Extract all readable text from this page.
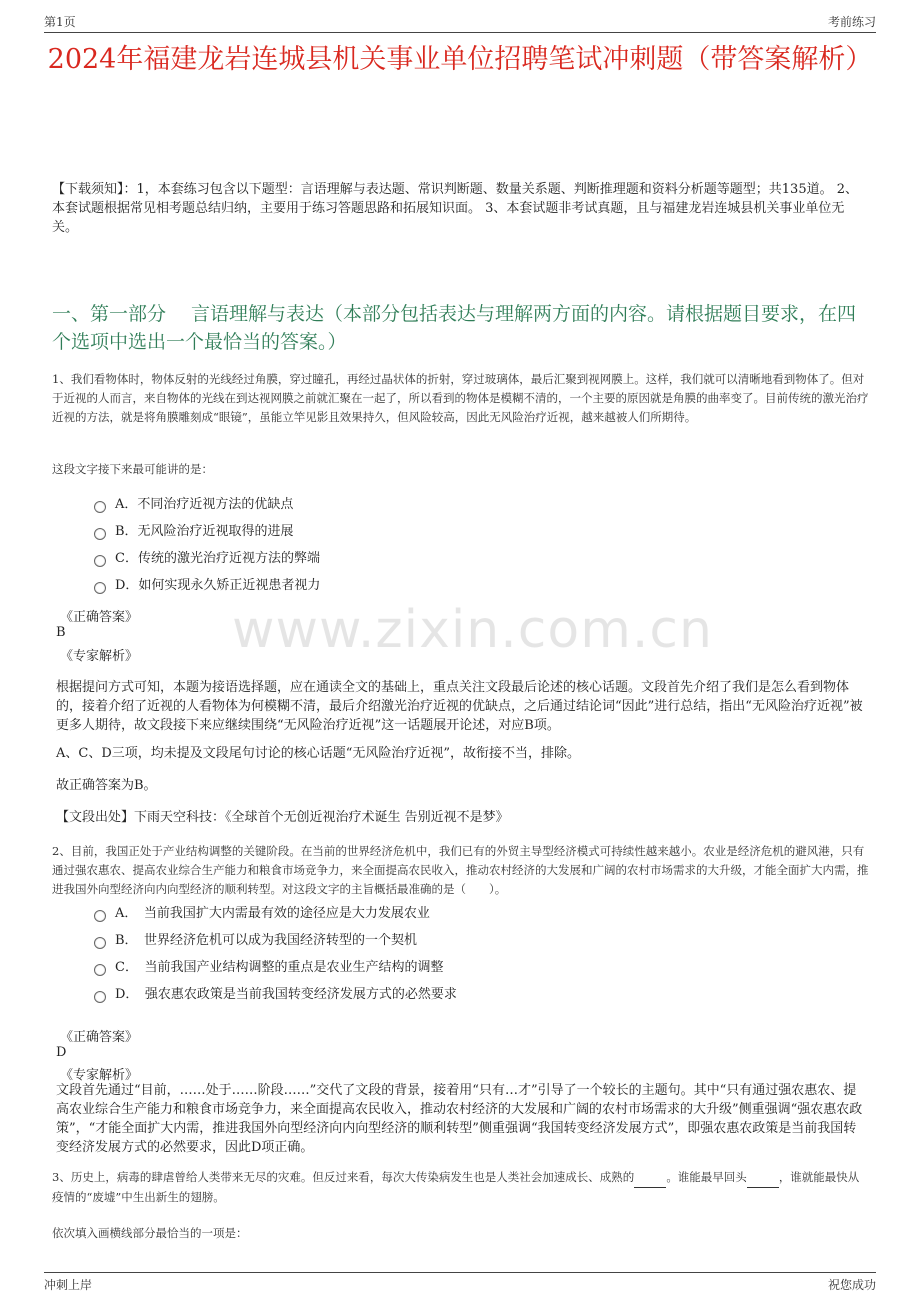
第1页	考前练习
2024年福建龙岩连城县机关事业单位招聘笔试冲刺题（带答案解析）
【下载须知】：1，本套练习包含以下题型：言语理解与表达题、常识判断题、数量关系题、判断推理题和资料分析题等题型；共135道。 2、本套试题根据常见相考题总结归纳，主要用于练习答题思路和拓展知识面。 3、本套试题非考试真题，且与福建龙岩连城县机关事业单位无关。
一、第一部分　 言语理解与表达（本部分包括表达与理解两方面的内容。请根据题目要求，在四个选项中选出一个最恰当的答案。）
1、我们看物体时，物体反射的光线经过角膜，穿过瞳孔，再经过晶状体的折射，穿过玻璃体，最后汇聚到视网膜上。这样，我们就可以清晰地看到物体了。但对于近视的人而言，来自物体的光线在到达视网膜之前就汇聚在一起了，所以看到的物体是模糊不清的，一个主要的原因就是角膜的曲率变了。目前传统的激光治疗近视的方法，就是将角膜雕刻成“眼镜”，虽能立竿见影且效果持久，但风险较高，因此无风险治疗近视，越来越被人们所期待。
这段文字接下来最可能讲的是：
A．不同治疗近视方法的优缺点
B．无风险治疗近视取得的进展
C．传统的激光治疗近视方法的弊端
D．如何实现永久矫正近视患者视力
《正确答案》
B
《专家解析》 www.zixin.com.cn
根据提问方式可知，本题为接语选择题，应在通读全文的基础上，重点关注文段最后论述的核心话题。文段首先介绍了我们是怎么看到物体的，接着介绍了近视的人看物体为何模糊不清，最后介绍激光治疗近视的优缺点，之后通过结论词“因此”进行总结，指出“无风险治疗近视”被更多人期待，故文段接下来应继续围绕“无风险治疗近视”这一话题展开论述，对应B项。
A、C、D三项，均未提及文段尾句讨论的核心话题“无风险治疗近视”，故衔接不当，排除。
故正确答案为B。
【文段出处】下雨天空科技：《全球首个无创近视治疗术诞生 告别近视不是梦》
2、目前，我国正处于产业结构调整的关键阶段。在当前的世界经济危机中，我们已有的外贸主导型经济模式可持续性越来越小。农业是经济危机的避风港，只有通过强农惠农、提高农业综合生产能力和粮食市场竞争力，来全面提高农民收入，推动农村经济的大发展和广阔的农村市场需求的大升级，才能全面扩大内需，推进我国外向型经济向内向型经济的顺利转型。对这段文字的主旨概括最准确的是（　　）。
A．　当前我国扩大内需最有效的途径应是大力发展农业
B．　世界经济危机可以成为我国经济转型的一个契机
C．　当前我国产业结构调整的重点是农业生产结构的调整
D．　强农惠农政策是当前我国转变经济发展方式的必然要求
《正确答案》
D
《专家解析》
文段首先通过“目前，……处于……阶段……”交代了文段的背景，接着用“只有…才”引导了一个较长的主题句。其中“只有通过强农惠农、提高农业综合生产能力和粮食市场竞争力，来全面提高农民收入，推动农村经济的大发展和广阔的农村市场需求的大升级”侧重强调“强农惠农政策”，“才能全面扩大内需，推进我国外向型经济向内向型经济的顺利转型”侧重强调“我国转变经济发展方式”，即强农惠农政策是当前我国转变经济发展方式的必然要求，因此D项正确。
3、历史上，病毒的肆虐曾给人类带来无尽的灾难。但反过来看，每次大传染病发生也是人类社会加速成长、成熟的	。谁能最早回头	，谁就能最快从疫情的“废墟”中生出新生的翅膀。
依次填入画横线部分最恰当的一项是：
冲刺上岸	祝您成功
